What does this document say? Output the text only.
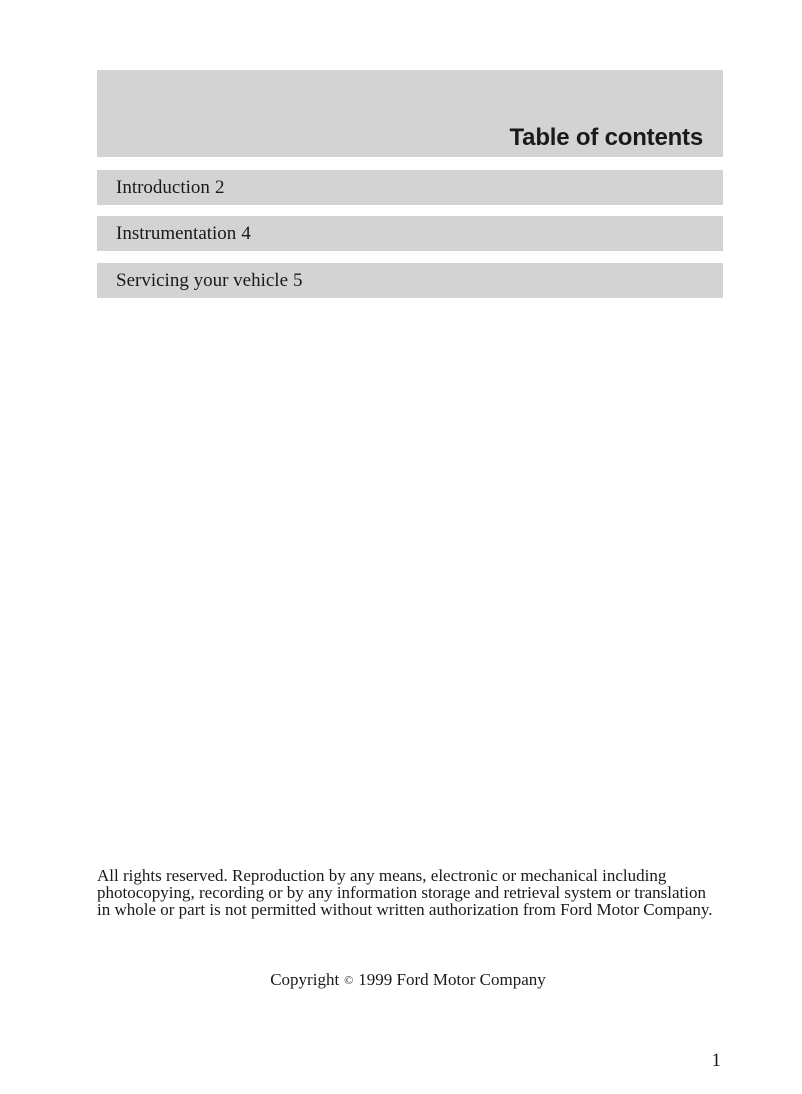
Table of contents
Introduction 2
Instrumentation 4
Servicing your vehicle 5

All rights reserved. Reproduction by any means, electronic or mechanical including photocopying, recording or by any information storage and retrieval system or translation in whole or part is not permitted without written authorization from Ford Motor Company.

Copyright © 1999 Ford Motor Company
1
